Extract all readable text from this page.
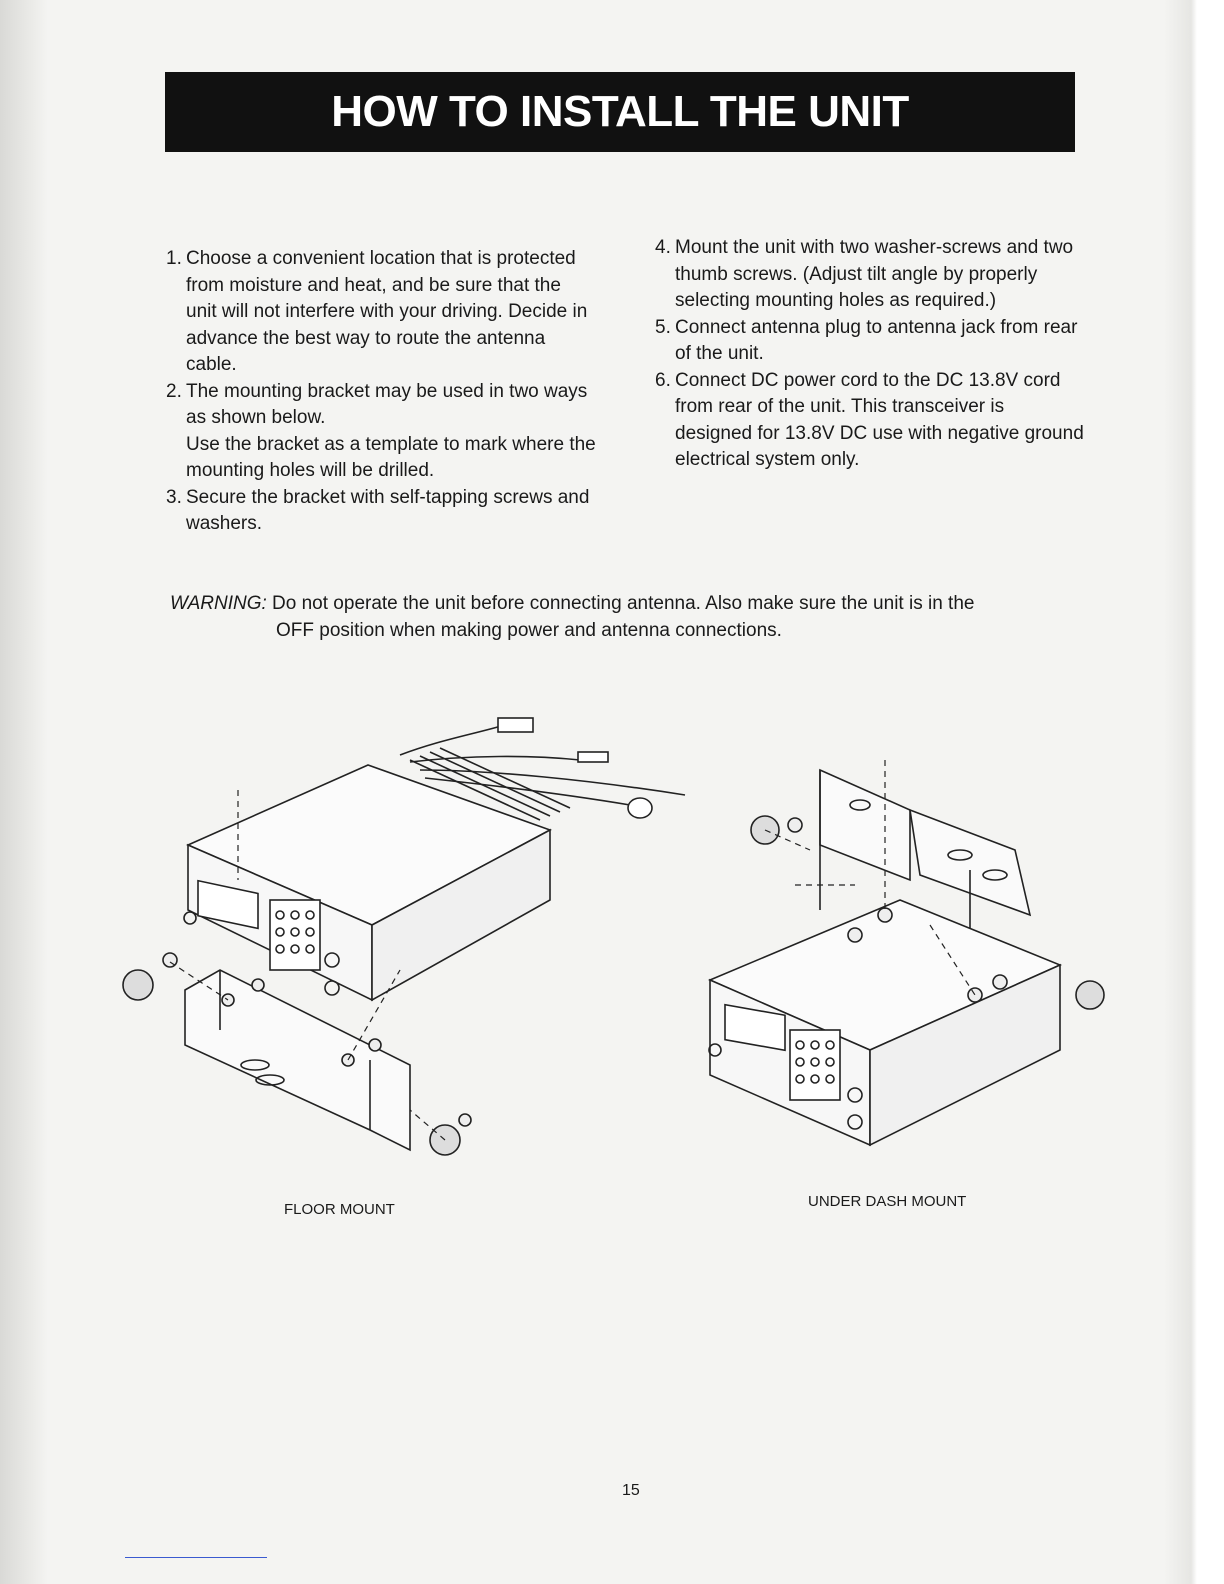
HOW TO INSTALL THE UNIT

1. Choose a convenient location that is protected from moisture and heat, and be sure that the unit will not interfere with your driving. Decide in advance the best way to route the antenna cable.

2. The mounting bracket may be used in two ways as shown below.
Use the bracket as a template to mark where the mounting holes will be drilled.

3. Secure the bracket with self-tapping screws and washers.

4. Mount the unit with two washer-screws and two thumb screws. (Adjust tilt angle by properly selecting mounting holes as required.)

5. Connect antenna plug to antenna jack from rear of the unit.

6. Connect DC power cord to the DC 13.8V cord from rear of the unit. This transceiver is designed for 13.8V DC use with negative ground electrical system only.

WARNING: Do not operate the unit before connecting antenna. Also make sure the unit is in the
OFF position when making power and antenna connections.
FLOOR MOUNT	UNDER DASH MOUNT
15
